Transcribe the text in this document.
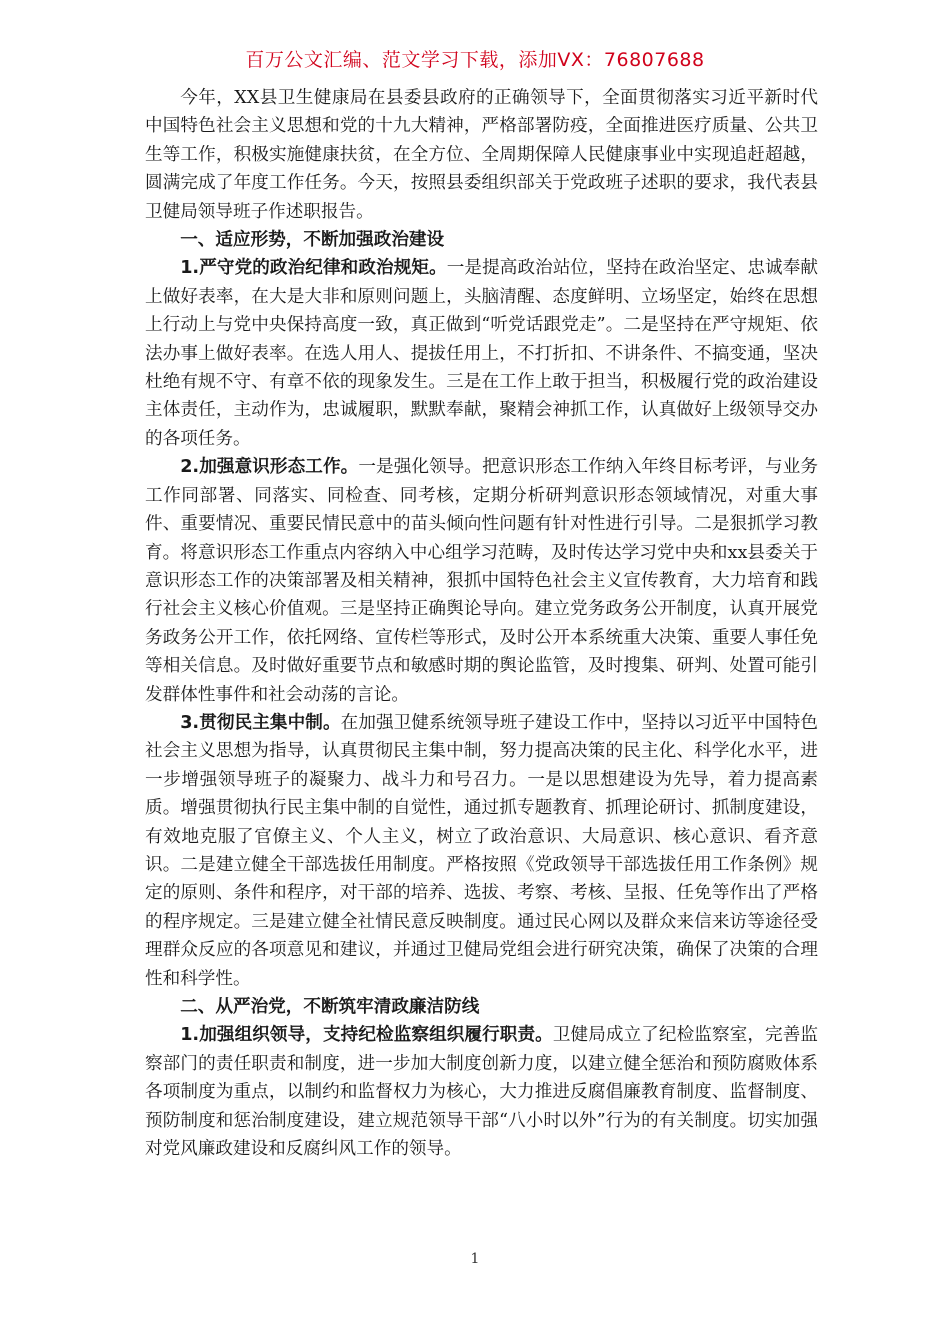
百万公文汇编、范文学习下载，添加VX：76807688

今年，XX县卫生健康局在县委县政府的正确领导下，全面贯彻落实习近平新时代中国特色社会主义思想和党的十九大精神，严格部署防疫，全面推进医疗质量、公共卫生等工作，积极实施健康扶贫，在全方位、全周期保障人民健康事业中实现追赶超越，圆满完成了年度工作任务。今天，按照县委组织部关于党政班子述职的要求，我代表县卫健局领导班子作述职报告。

一、适应形势，不断加强政治建设

1.严守党的政治纪律和政治规矩。一是提高政治站位，坚持在政治坚定、忠诚奉献上做好表率，在大是大非和原则问题上，头脑清醒、态度鲜明、立场坚定，始终在思想上行动上与党中央保持高度一致，真正做到“听党话跟党走”。二是坚持在严守规矩、依法办事上做好表率。在选人用人、提拔任用上，不打折扣、不讲条件、不搞变通，坚决杜绝有规不守、有章不依的现象发生。三是在工作上敢于担当，积极履行党的政治建设主体责任，主动作为，忠诚履职，默默奉献，聚精会神抓工作，认真做好上级领导交办的各项任务。

2.加强意识形态工作。一是强化领导。把意识形态工作纳入年终目标考评，与业务工作同部署、同落实、同检查、同考核，定期分析研判意识形态领域情况，对重大事件、重要情况、重要民情民意中的苗头倾向性问题有针对性进行引导。二是狠抓学习教育。将意识形态工作重点内容纳入中心组学习范畴，及时传达学习党中央和xx县委关于意识形态工作的决策部署及相关精神，狠抓中国特色社会主义宣传教育，大力培育和践行社会主义核心价值观。三是坚持正确舆论导向。建立党务政务公开制度，认真开展党务政务公开工作，依托网络、宣传栏等形式，及时公开本系统重大决策、重要人事任免等相关信息。及时做好重要节点和敏感时期的舆论监管，及时搜集、研判、处置可能引发群体性事件和社会动荡的言论。

3.贯彻民主集中制。在加强卫健系统领导班子建设工作中，坚持以习近平中国特色社会主义思想为指导，认真贯彻民主集中制，努力提高决策的民主化、科学化水平，进一步增强领导班子的凝聚力、战斗力和号召力。一是以思想建设为先导，着力提高素质。增强贯彻执行民主集中制的自觉性，通过抓专题教育、抓理论研讨、抓制度建设，有效地克服了官僚主义、个人主义，树立了政治意识、大局意识、核心意识、看齐意识。二是建立健全干部选拔任用制度。严格按照《党政领导干部选拔任用工作条例》规定的原则、条件和程序，对干部的培养、选拔、考察、考核、呈报、任免等作出了严格的程序规定。三是建立健全社情民意反映制度。通过民心网以及群众来信来访等途径受理群众反应的各项意见和建议，并通过卫健局党组会进行研究决策，确保了决策的合理性和科学性。

二、从严治党，不断筑牢清政廉洁防线

1.加强组织领导，支持纪检监察组织履行职责。卫健局成立了纪检监察室，完善监察部门的责任职责和制度，进一步加大制度创新力度，以建立健全惩治和预防腐败体系各项制度为重点，以制约和监督权力为核心，大力推进反腐倡廉教育制度、监督制度、预防制度和惩治制度建设，建立规范领导干部“八小时以外”行为的有关制度。切实加强对党风廉政建设和反腐纠风工作的领导。

1
